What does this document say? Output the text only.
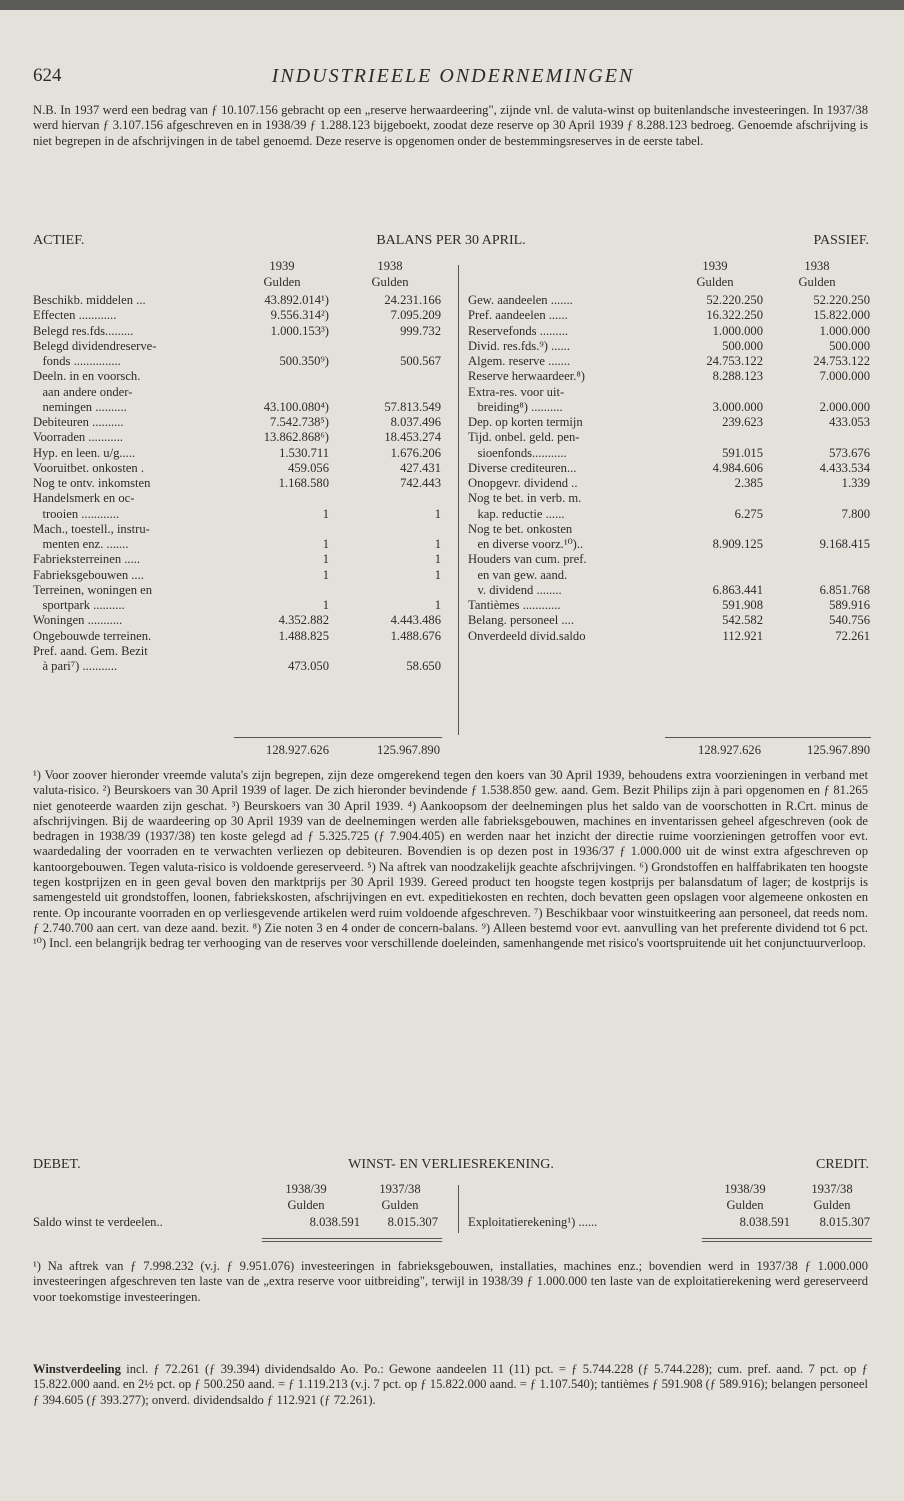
624	INDUSTRIEELE ONDERNEMINGEN
N.B. In 1937 werd een bedrag van ƒ 10.107.156 gebracht op een „reserve herwaardeering", zijnde vnl. de valuta-winst op buitenlandsche investeeringen. In 1937/38 werd hiervan ƒ 3.107.156 afgeschreven en in 1938/39 ƒ 1.288.123 bijgeboekt, zoodat deze reserve op 30 April 1939 ƒ 8.288.123 bedroeg. Genoemde afschrijving is niet begrepen in de afschrijvingen in de tabel genoemd. Deze reserve is opgenomen onder de bestemmingsreserves in de eerste tabel.
ACTIEF.	BALANS PER 30 APRIL.	PASSIEF.
1939	1938
Gulden	Gulden
1939	1938
Gulden	Gulden
Beschikb. middelen ...	43.892.014¹)	24.231.166
Effecten ............	9.556.314²)	7.095.209
Belegd res.fds.........	1.000.153³)	999.732
Belegd dividendreserve-
fonds ...............	500.350⁹)	500.567
Deeln. in en voorsch.
aan andere onder-
nemingen ..........	43.100.080⁴)	57.813.549
Debiteuren ..........	7.542.738⁵)	8.037.496
Voorraden ...........	13.862.868⁶)	18.453.274
Hyp. en leen. u/g.....	1.530.711	1.676.206
Vooruitbet. onkosten .	459.056	427.431
Nog te ontv. inkomsten	1.168.580	742.443
Handelsmerk en oc-
trooien ............	1	1
Mach., toestell., instru-
menten enz. .......	1	1
Fabrieksterreinen .....	1	1
Fabrieksgebouwen ....	1	1
Terreinen, woningen en
sportpark ..........	1	1
Woningen ...........	4.352.882	4.443.486
Ongebouwde terreinen.	1.488.825	1.488.676
Pref. aand. Gem. Bezit
à pari⁷) ...........	473.050	58.650
Gew. aandeelen .......	52.220.250	52.220.250
Pref. aandeelen ......	16.322.250	15.822.000
Reservefonds .........	1.000.000	1.000.000
Divid. res.fds.⁹) ......	500.000	500.000
Algem. reserve .......	24.753.122	24.753.122
Reserve herwaardeer.⁸)	8.288.123	7.000.000
Extra-res. voor uit-
breiding⁸) ..........	3.000.000	2.000.000
Dep. op korten termijn	239.623	433.053
Tijd. onbel. geld. pen-
sioenfonds...........	591.015	573.676
Diverse crediteuren...	4.984.606	4.433.534
Onopgevr. dividend ..	2.385	1.339
Nog te bet. in verb. m.
kap. reductie ......	6.275	7.800
Nog te bet. onkosten
en diverse voorz.¹⁰)..	8.909.125	9.168.415
Houders van cum. pref.
en van gew. aand.
v. dividend ........	6.863.441	6.851.768
Tantièmes ............	591.908	589.916
Belang. personeel ....	542.582	540.756
Onverdeeld divid.saldo	112.921	72.261
128.927.626	125.967.890	128.927.626	125.967.890
¹) Voor zoover hieronder vreemde valuta's zijn begrepen, zijn deze omgerekend tegen den koers van 30 April 1939, behoudens extra voorzieningen in verband met valuta-risico. ²) Beurskoers van 30 April 1939 of lager. De zich hieronder bevindende ƒ 1.538.850 gew. aand. Gem. Bezit Philips zijn à pari opgenomen en ƒ 81.265 niet genoteerde waarden zijn geschat. ³) Beurskoers van 30 April 1939. ⁴) Aankoopsom der deelnemingen plus het saldo van de voorschotten in R.Crt. minus de afschrijvingen. Bij de waardeering op 30 April 1939 van de deelnemingen werden alle fabrieksgebouwen, machines en inventarissen geheel afgeschreven (ook de bedragen in 1938/39 (1937/38) ten koste gelegd ad ƒ 5.325.725 (ƒ 7.904.405) en werden naar het inzicht der directie ruime voorzieningen getroffen voor evt. waardedaling der voorraden en te verwachten verliezen op debiteuren. Bovendien is op dezen post in 1936/37 ƒ 1.000.000 uit de winst extra afgeschreven op kantoorgebouwen. Tegen valuta-risico is voldoende gereserveerd. ⁵) Na aftrek van noodzakelijk geachte afschrijvingen. ⁶) Grondstoffen en halffabrikaten ten hoogste tegen kostprijzen en in geen geval boven den marktprijs per 30 April 1939. Gereed product ten hoogste tegen kostprijs per balansdatum of lager; de kostprijs is samengesteld uit grondstoffen, loonen, fabriekskosten, afschrijvingen en evt. expeditiekosten en rechten, doch bevatten geen opslagen voor algemeene onkosten en rente. Op incourante voorraden en op verliesgevende artikelen werd ruim voldoende afgeschreven. ⁷) Beschikbaar voor winstuitkeering aan personeel, dat reeds nom. ƒ 2.740.700 aan cert. van deze aand. bezit. ⁸) Zie noten 3 en 4 onder de concern-balans. ⁹) Alleen bestemd voor evt. aanvulling van het preferente dividend tot 6 pct. ¹⁰) Incl. een belangrijk bedrag ter verhooging van de reserves voor verschillende doeleinden, samenhangende met risico's voortspruitende uit het conjunctuurverloop.
DEBET.	WINST- EN VERLIESREKENING.	CREDIT.
1938/39	1937/38
Gulden	Gulden
1938/39	1937/38
Gulden	Gulden
Saldo winst te verdeelen..	8.038.591 8.015.307 Exploitatierekening¹) ......	8.038.591 8.015.307
¹) Na aftrek van ƒ 7.998.232 (v.j. ƒ 9.951.076) investeeringen in fabrieksgebouwen, installaties, machines enz.; bovendien werd in 1937/38 ƒ 1.000.000 investeeringen afgeschreven ten laste van de „extra reserve voor uitbreiding", terwijl in 1938/39 ƒ 1.000.000 ten laste van de exploitatierekening werd gereserveerd voor toekomstige investeeringen.
Winstverdeeling incl. ƒ 72.261 (ƒ 39.394) dividendsaldo Ao. Po.: Gewone aandeelen 11 (11) pct. = ƒ 5.744.228 (ƒ 5.744.228); cum. pref. aand. 7 pct. op ƒ 15.822.000 aand. en 2½ pct. op ƒ 500.250 aand. = ƒ 1.119.213 (v.j. 7 pct. op ƒ 15.822.000 aand. = ƒ 1.107.540); tantièmes ƒ 591.908 (ƒ 589.916); belangen personeel ƒ 394.605 (ƒ 393.277); onverd. dividendsaldo ƒ 112.921 (ƒ 72.261).
